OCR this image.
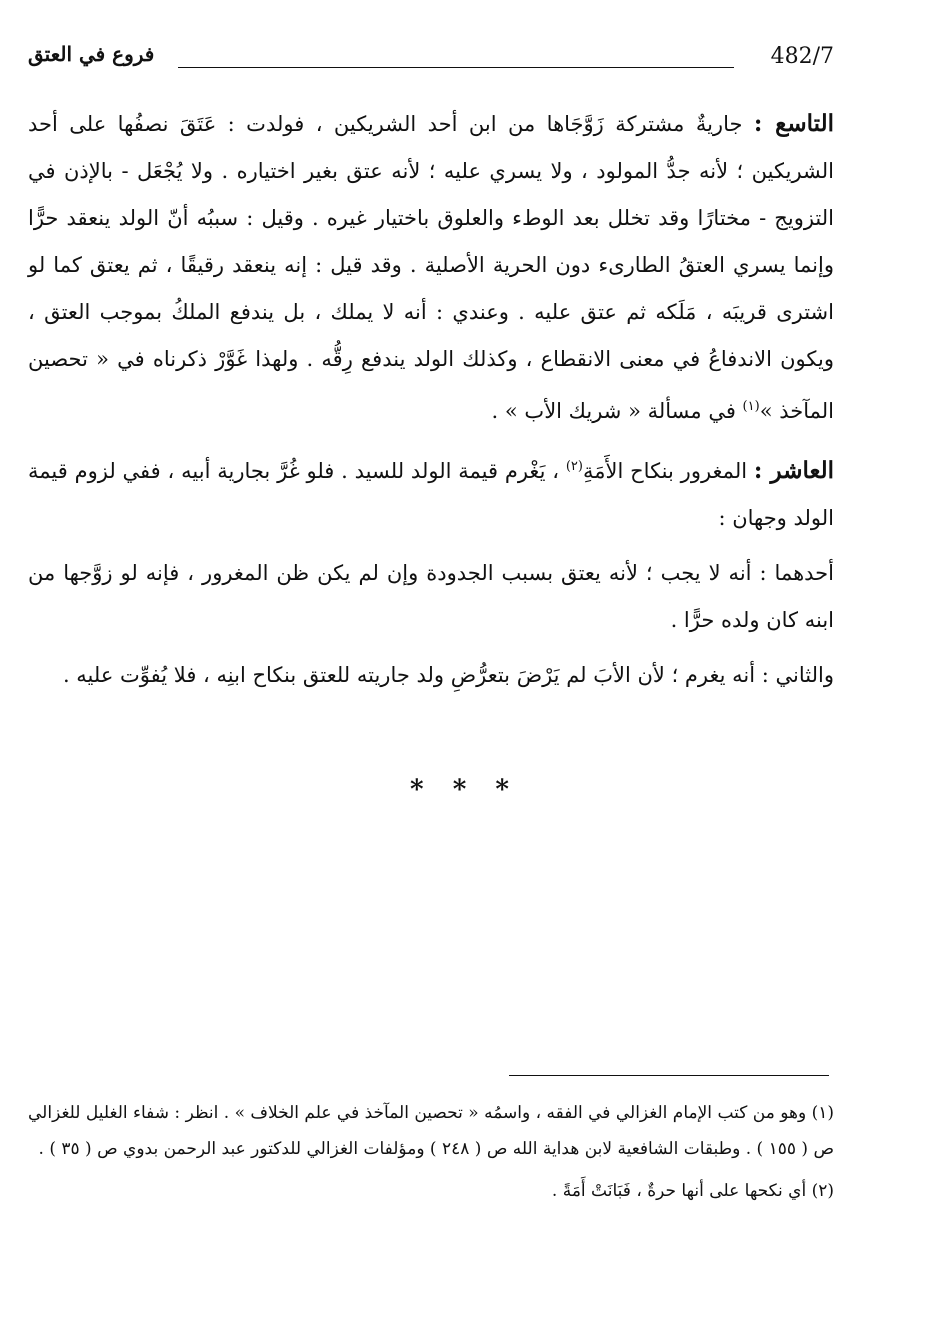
482/7
فروع في العتق

التاسع : جاريةٌ مشتركة زَوَّجَاها من ابن أحد الشريكين ، فولدت : عَتَقَ نصفُها على أحد الشريكين ؛ لأنه جدُّ المولود ، ولا يسري عليه ؛ لأنه عتق بغير اختياره . ولا يُجْعَل - بالإذن في التزويج - مختارًا وقد تخلل بعد الوطء والعلوق باختيار غيره . وقيل : سببُه أنّ الولد ينعقد حرًّا وإنما يسري العتقُ الطارىء دون الحرية الأصلية . وقد قيل : إنه ينعقد رقيقًا ، ثم يعتق كما لو اشترى قريبَه ، مَلَكه ثم عتق عليه . وعندي : أنه لا يملك ، بل يندفع الملكُ بموجب العتق ، ويكون الاندفاعُ في معنى الانقطاع ، وكذلك الولد يندفع رِقُّه . ولهذا غَوَّرْ ذكرناه في « تحصين المآخذ »$^{(١)}$ في مسألة « شريك الأب » .

العاشر : المغرور بنكاح الأَمَةِ$^{(٢)}$ ، يَغْرم قيمة الولد للسيد . فلو غُرَّ بجارية أبيه ، ففي لزوم قيمة الولد وجهان :

أحدهما : أنه لا يجب ؛ لأنه يعتق بسبب الجدودة وإن لم يكن ظن المغرور ، فإنه لو زوَّجها من ابنه كان ولده حرًّا .

والثاني : أنه يغرم ؛ لأن الأبَ لم يَرْضَ بتعرُّضِ ولد جاريته للعتق بنكاح ابنِه ، فلا يُفوِّت عليه .

* * *

(١) وهو من كتب الإمام الغزالي في الفقه ، واسمُه « تحصين المآخذ في علم الخلاف » . انظر : شفاء الغليل للغزالي ص ( ١٥٥ ) . وطبقات الشافعية لابن هداية الله ص ( ٢٤٨ ) ومؤلفات الغزالي للدكتور عبد الرحمن بدوي ص ( ٣٥ ) .

(٢) أي نكحها على أنها حرةٌ ، فَبَانَتْ أَمَةً .
